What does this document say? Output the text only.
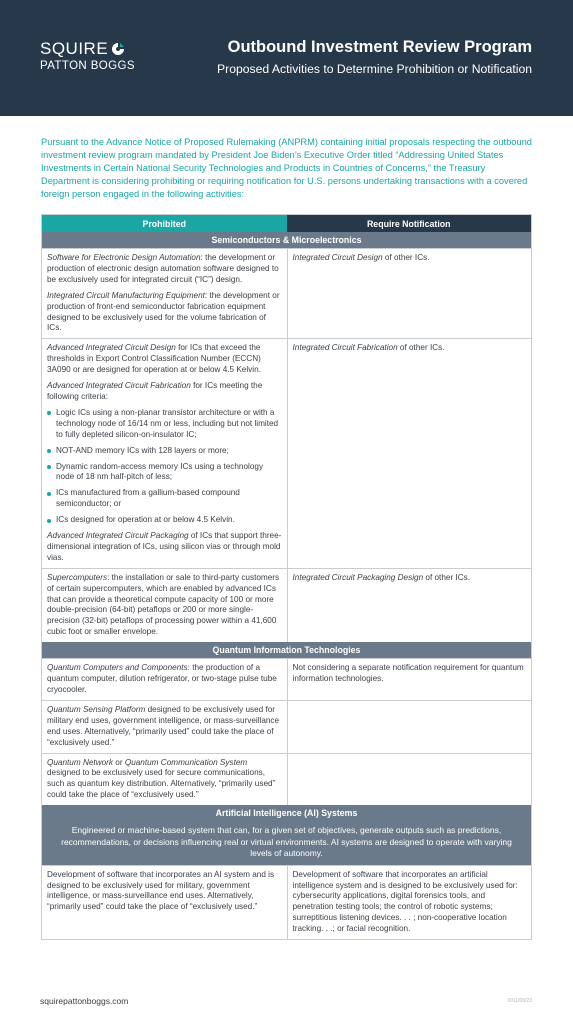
SQUIRE
PATTON BOGGS
Outbound Investment Review Program
Proposed Activities to Determine Prohibition or Notification
Pursuant to the Advance Notice of Proposed Rulemaking (ANPRM) containing initial proposals respecting the outbound investment review program mandated by President Joe Biden’s Executive Order titled “Addressing United States Investments in Certain National Security Technologies and Products in Countries of Concerns,” the Treasury Department is considering prohibiting or requiring notification for U.S. persons undertaking transactions with a covered foreign person engaged in the following activities:
Prohibited	Require Notification
Semiconductors & Microelectronics

Software for Electronic Design Automation: the development or production of electronic design automation software designed to be exclusively used for integrated circuit (“IC”) design.

Integrated Circuit Manufacturing Equipment: the development or production of front-end semiconductor fabrication equipment designed to be exclusively used for the volume fabrication of ICs.

Integrated Circuit Design of other ICs.

Advanced Integrated Circuit Design for ICs that exceed the thresholds in Export Control Classification Number (ECCN) 3A090 or are designed for operation at or below 4.5 Kelvin.

Advanced Integrated Circuit Fabrication for ICs meeting the following criteria:

Logic ICs using a non-planar transistor architecture or with a technology node of 16/14 nm or less, including but not limited to fully depleted silicon-on-insulator IC;
NOT-AND memory ICs with 128 layers or more;
Dynamic random-access memory ICs using a technology node of 18 nm half-pitch of less;
ICs manufactured from a gallium-based compound semiconductor; or
ICs designed for operation at or below 4.5 Kelvin.

Advanced Integrated Circuit Packaging of ICs that support three-dimensional integration of ICs, using silicon vias or through mold vias.

Integrated Circuit Fabrication of other ICs.

Supercomputers: the installation or sale to third-party customers of certain supercomputers, which are enabled by advanced ICs that can provide a theoretical compute capacity of 100 or more double-precision (64-bit) petaflops or 200 or more single-precision (32-bit) petaflops of processing power within a 41,600 cubic foot or smaller envelope.

Integrated Circuit Packaging Design of other ICs.

Quantum Information Technologies

Quantum Computers and Components: the production of a quantum computer, dilution refrigerator, or two-stage pulse tube cryocooler.

Not considering a separate notification requirement for quantum information technologies.

Quantum Sensing Platform designed to be exclusively used for military end uses, government intelligence, or mass-surveillance end uses. Alternatively, “primarily used” could take the place of “exclusively used.”

Quantum Network or Quantum Communication System designed to be exclusively used for secure communications, such as quantum key distribution. Alternatively, “primarily used” could take the place of “exclusively used.”

Artificial Intelligence (AI) Systems
Engineered or machine-based system that can, for a given set of objectives, generate outputs such as predictions, recommendations, or decisions influencing real or virtual environments. AI systems are designed to operate with varying levels of autonomy.
Development of software that incorporates an AI system and is designed to be exclusively used for military, government intelligence, or mass-surveillance end uses. Alternatively, “primarily used” could take the place of “exclusively used.”
Development of software that incorporates an artificial intelligence system and is designed to be exclusively used for: cybersecurity applications, digital forensics tools, and penetration testing tools; the control of robotic systems; surreptitious listening devices. . . ; non-cooperative location tracking. . .; or facial recognition.
squirepattonboggs.com	0011/09/23
